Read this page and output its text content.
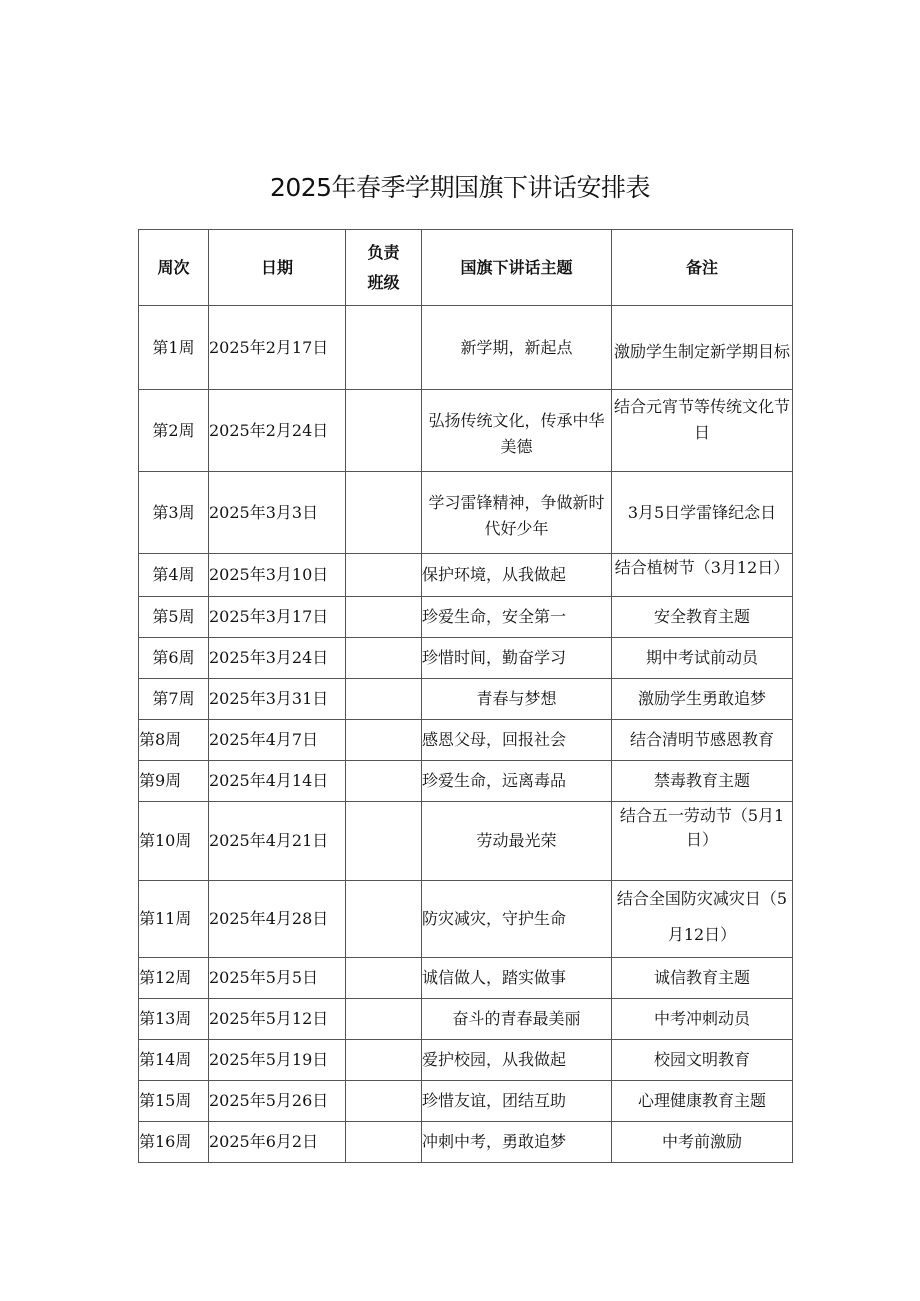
2025年春季学期国旗下讲话安排表
周次	日期	负责班级	国旗下讲话主题	备注
第1周	2025年2月17日		新学期，新起点	激励学生制定新学期目标
第2周	2025年2月24日		弘扬传统文化，传承中华美德	结合元宵节等传统文化节日
第3周	2025年3月3日		学习雷锋精神，争做新时代好少年	3月5日学雷锋纪念日
第4周	2025年3月10日		保护环境，从我做起	结合植树节（3月12日）
第5周	2025年3月17日		珍爱生命，安全第一	安全教育主题
第6周	2025年3月24日		珍惜时间，勤奋学习	期中考试前动员
第7周	2025年3月31日		青春与梦想	激励学生勇敢追梦
第8周	2025年4月7日		感恩父母，回报社会	结合清明节感恩教育
第9周	2025年4月14日		珍爱生命，远离毒品	禁毒教育主题
第10周	2025年4月21日		劳动最光荣	结合五一劳动节（5月1日）
第11周	2025年4月28日		防灾减灾，守护生命	结合全国防灾减灾日（5月12日）
第12周	2025年5月5日		诚信做人，踏实做事	诚信教育主题
第13周	2025年5月12日		奋斗的青春最美丽	中考冲刺动员
第14周	2025年5月19日		爱护校园，从我做起	校园文明教育
第15周	2025年5月26日		珍惜友谊，团结互助	心理健康教育主题
第16周	2025年6月2日		冲刺中考，勇敢追梦	中考前激励
